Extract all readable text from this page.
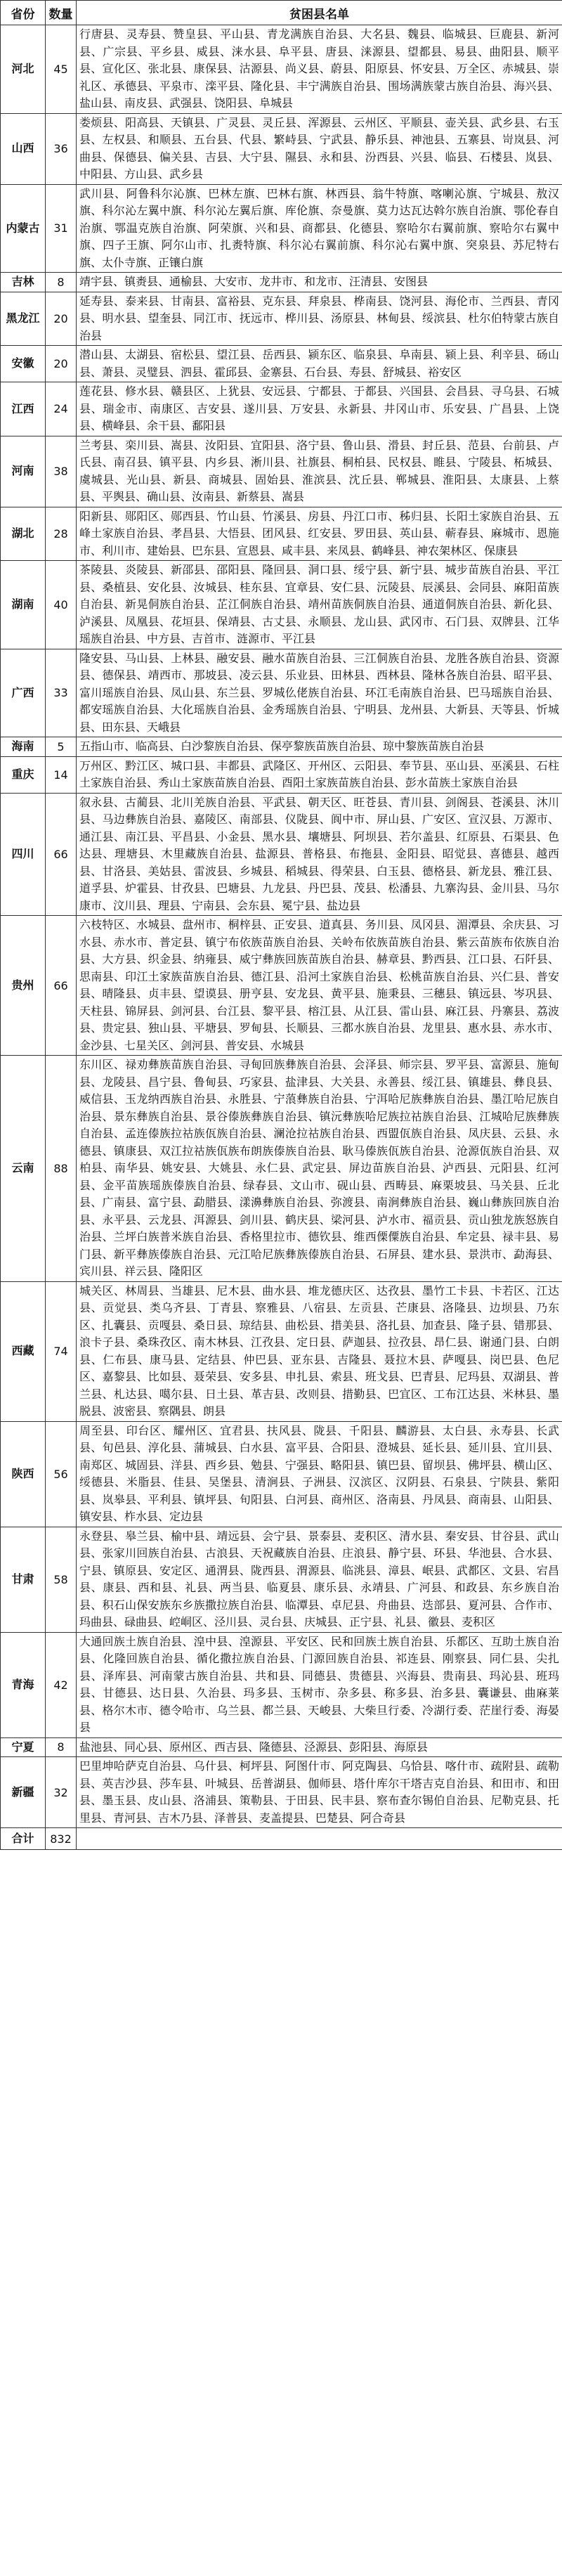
省份	数量	贫困县名单
河北	45	行唐县、灵寿县、赞皇县、平山县、青龙满族自治县、大名县、魏县、临城县、巨鹿县、新河县、广宗县、平乡县、威县、涞水县、阜平县、唐县、涞源县、望都县、易县、曲阳县、顺平县、宣化区、张北县、康保县、沽源县、尚义县、蔚县、阳原县、怀安县、万全区、赤城县、崇礼区、承德县、平泉市、滦平县、隆化县、丰宁满族自治县、围场满族蒙古族自治县、海兴县、盐山县、南皮县、武强县、饶阳县、阜城县
山西	36	娄烦县、阳高县、天镇县、广灵县、灵丘县、浑源县、云州区、平顺县、壶关县、武乡县、右玉县、左权县、和顺县、五台县、代县、繁峙县、宁武县、静乐县、神池县、五寨县、岢岚县、河曲县、保德县、偏关县、吉县、大宁县、隰县、永和县、汾西县、兴县、临县、石楼县、岚县、中阳县、方山县、武乡县
内蒙古	31	武川县、阿鲁科尔沁旗、巴林左旗、巴林右旗、林西县、翁牛特旗、喀喇沁旗、宁城县、敖汉旗、科尔沁左翼中旗、科尔沁左翼后旗、库伦旗、奈曼旗、莫力达瓦达斡尔族自治旗、鄂伦春自治旗、鄂温克族自治旗、阿荣旗、兴和县、商都县、化德县、察哈尔右翼前旗、察哈尔右翼中旗、四子王旗、阿尔山市、扎赉特旗、科尔沁右翼前旗、科尔沁右翼中旗、突泉县、苏尼特右旗、太仆寺旗、正镶白旗
吉林	8	靖宇县、镇赉县、通榆县、大安市、龙井市、和龙市、汪清县、安图县
黑龙江	20	延寿县、泰来县、甘南县、富裕县、克东县、拜泉县、桦南县、饶河县、海伦市、兰西县、青冈县、明水县、望奎县、同江市、抚远市、桦川县、汤原县、林甸县、绥滨县、杜尔伯特蒙古族自治县
安徽	20	潜山县、太湖县、宿松县、望江县、岳西县、颍东区、临泉县、阜南县、颍上县、利辛县、砀山县、萧县、灵璧县、泗县、霍邱县、金寨县、石台县、寿县、舒城县、裕安区
江西	24	莲花县、修水县、赣县区、上犹县、安远县、宁都县、于都县、兴国县、会昌县、寻乌县、石城县、瑞金市、南康区、吉安县、遂川县、万安县、永新县、井冈山市、乐安县、广昌县、上饶县、横峰县、余干县、鄱阳县
河南	38	兰考县、栾川县、嵩县、汝阳县、宜阳县、洛宁县、鲁山县、滑县、封丘县、范县、台前县、卢氏县、南召县、镇平县、内乡县、淅川县、社旗县、桐柏县、民权县、睢县、宁陵县、柘城县、虞城县、光山县、新县、商城县、固始县、淮滨县、沈丘县、郸城县、淮阳县、太康县、上蔡县、平舆县、确山县、汝南县、新蔡县、嵩县
湖北	28	阳新县、郧阳区、郧西县、竹山县、竹溪县、房县、丹江口市、秭归县、长阳土家族自治县、五峰土家族自治县、孝昌县、大悟县、团风县、红安县、罗田县、英山县、蕲春县、麻城市、恩施市、利川市、建始县、巴东县、宣恩县、咸丰县、来凤县、鹤峰县、神农架林区、保康县
湖南	40	茶陵县、炎陵县、新邵县、邵阳县、隆回县、洞口县、绥宁县、新宁县、城步苗族自治县、平江县、桑植县、安化县、汝城县、桂东县、宜章县、安仁县、沅陵县、辰溪县、会同县、麻阳苗族自治县、新晃侗族自治县、芷江侗族自治县、靖州苗族侗族自治县、通道侗族自治县、新化县、泸溪县、凤凰县、花垣县、保靖县、古丈县、永顺县、龙山县、武冈市、石门县、双牌县、江华瑶族自治县、中方县、吉首市、涟源市、平江县
广西	33	隆安县、马山县、上林县、融安县、融水苗族自治县、三江侗族自治县、龙胜各族自治县、资源县、德保县、靖西市、那坡县、凌云县、乐业县、田林县、西林县、隆林各族自治县、昭平县、富川瑶族自治县、凤山县、东兰县、罗城仫佬族自治县、环江毛南族自治县、巴马瑶族自治县、都安瑶族自治县、大化瑶族自治县、金秀瑶族自治县、宁明县、龙州县、大新县、天等县、忻城县、田东县、天峨县
海南	5	五指山市、临高县、白沙黎族自治县、保亭黎族苗族自治县、琼中黎族苗族自治县
重庆	14	万州区、黔江区、城口县、丰都县、武隆区、开州区、云阳县、奉节县、巫山县、巫溪县、石柱土家族自治县、秀山土家族苗族自治县、酉阳土家族苗族自治县、彭水苗族土家族自治县
四川	66	叙永县、古蔺县、北川羌族自治县、平武县、朝天区、旺苍县、青川县、剑阁县、苍溪县、沐川县、马边彝族自治县、嘉陵区、南部县、仪陇县、阆中市、屏山县、广安区、宣汉县、万源市、通江县、南江县、平昌县、小金县、黑水县、壤塘县、阿坝县、若尔盖县、红原县、石渠县、色达县、理塘县、木里藏族自治县、盐源县、普格县、布拖县、金阳县、昭觉县、喜德县、越西县、甘洛县、美姑县、雷波县、乡城县、稻城县、得荣县、白玉县、德格县、新龙县、雅江县、道孚县、炉霍县、甘孜县、巴塘县、九龙县、丹巴县、茂县、松潘县、九寨沟县、金川县、马尔康市、汶川县、理县、宁南县、会东县、冕宁县、盐边县
贵州	66	六枝特区、水城县、盘州市、桐梓县、正安县、道真县、务川县、凤冈县、湄潭县、余庆县、习水县、赤水市、普定县、镇宁布依族苗族自治县、关岭布依族苗族自治县、紫云苗族布依族自治县、大方县、织金县、纳雍县、威宁彝族回族苗族自治县、赫章县、黔西县、江口县、石阡县、思南县、印江土家族苗族自治县、德江县、沿河土家族自治县、松桃苗族自治县、兴仁县、普安县、晴隆县、贞丰县、望谟县、册亨县、安龙县、黄平县、施秉县、三穗县、镇远县、岑巩县、天柱县、锦屏县、剑河县、台江县、黎平县、榕江县、从江县、雷山县、麻江县、丹寨县、荔波县、贵定县、独山县、平塘县、罗甸县、长顺县、三都水族自治县、龙里县、惠水县、赤水市、金沙县、七星关区、剑河县、普安县、水城县
云南	88	东川区、禄劝彝族苗族自治县、寻甸回族彝族自治县、会泽县、师宗县、罗平县、富源县、施甸县、龙陵县、昌宁县、鲁甸县、巧家县、盐津县、大关县、永善县、绥江县、镇雄县、彝良县、威信县、玉龙纳西族自治县、永胜县、宁蒗彝族自治县、宁洱哈尼族彝族自治县、墨江哈尼族自治县、景东彝族自治县、景谷傣族彝族自治县、镇沅彝族哈尼族拉祜族自治县、江城哈尼族彝族自治县、孟连傣族拉祜族佤族自治县、澜沧拉祜族自治县、西盟佤族自治县、凤庆县、云县、永德县、镇康县、双江拉祜族佤族布朗族傣族自治县、耿马傣族佤族自治县、沧源佤族自治县、双柏县、南华县、姚安县、大姚县、永仁县、武定县、屏边苗族自治县、泸西县、元阳县、红河县、金平苗族瑶族傣族自治县、绿春县、文山市、砚山县、西畴县、麻栗坡县、马关县、丘北县、广南县、富宁县、勐腊县、漾濞彝族自治县、弥渡县、南涧彝族自治县、巍山彝族回族自治县、永平县、云龙县、洱源县、剑川县、鹤庆县、梁河县、泸水市、福贡县、贡山独龙族怒族自治县、兰坪白族普米族自治县、香格里拉市、德钦县、维西傈僳族自治县、牟定县、禄丰县、易门县、新平彝族傣族自治县、元江哈尼族彝族傣族自治县、石屏县、建水县、景洪市、勐海县、宾川县、祥云县、隆阳区
西藏	74	城关区、林周县、当雄县、尼木县、曲水县、堆龙德庆区、达孜县、墨竹工卡县、卡若区、江达县、贡觉县、类乌齐县、丁青县、察雅县、八宿县、左贡县、芒康县、洛隆县、边坝县、乃东区、扎囊县、贡嘎县、桑日县、琼结县、曲松县、措美县、洛扎县、加查县、隆子县、错那县、浪卡子县、桑珠孜区、南木林县、江孜县、定日县、萨迦县、拉孜县、昂仁县、谢通门县、白朗县、仁布县、康马县、定结县、仲巴县、亚东县、吉隆县、聂拉木县、萨嘎县、岗巴县、色尼区、嘉黎县、比如县、聂荣县、安多县、申扎县、索县、班戈县、巴青县、尼玛县、双湖县、普兰县、札达县、噶尔县、日土县、革吉县、改则县、措勤县、巴宜区、工布江达县、米林县、墨脱县、波密县、察隅县、朗县
陕西	56	周至县、印台区、耀州区、宜君县、扶风县、陇县、千阳县、麟游县、太白县、永寿县、长武县、旬邑县、淳化县、蒲城县、白水县、富平县、合阳县、澄城县、延长县、延川县、宜川县、南郑区、城固县、洋县、西乡县、勉县、宁强县、略阳县、镇巴县、留坝县、佛坪县、横山区、绥德县、米脂县、佳县、吴堡县、清涧县、子洲县、汉滨区、汉阴县、石泉县、宁陕县、紫阳县、岚皋县、平利县、镇坪县、旬阳县、白河县、商州区、洛南县、丹凤县、商南县、山阳县、镇安县、柞水县、定边县
甘肃	58	永登县、皋兰县、榆中县、靖远县、会宁县、景泰县、麦积区、清水县、秦安县、甘谷县、武山县、张家川回族自治县、古浪县、天祝藏族自治县、庄浪县、静宁县、环县、华池县、合水县、宁县、镇原县、安定区、通渭县、陇西县、渭源县、临洮县、漳县、岷县、武都区、文县、宕昌县、康县、西和县、礼县、两当县、临夏县、康乐县、永靖县、广河县、和政县、东乡族自治县、积石山保安族东乡族撒拉族自治县、临潭县、卓尼县、舟曲县、迭部县、夏河县、合作市、玛曲县、碌曲县、崆峒区、泾川县、灵台县、庆城县、正宁县、礼县、徽县、麦积区
青海	42	大通回族土族自治县、湟中县、湟源县、平安区、民和回族土族自治县、乐都区、互助土族自治县、化隆回族自治县、循化撒拉族自治县、门源回族自治县、祁连县、刚察县、同仁县、尖扎县、泽库县、河南蒙古族自治县、共和县、同德县、贵德县、兴海县、贵南县、玛沁县、班玛县、甘德县、达日县、久治县、玛多县、玉树市、杂多县、称多县、治多县、囊谦县、曲麻莱县、格尔木市、德令哈市、乌兰县、都兰县、天峻县、大柴旦行委、冷湖行委、茫崖行委、海晏县
宁夏	8	盐池县、同心县、原州区、西吉县、隆德县、泾源县、彭阳县、海原县
新疆	32	巴里坤哈萨克自治县、乌什县、柯坪县、阿图什市、阿克陶县、乌恰县、喀什市、疏附县、疏勒县、英吉沙县、莎车县、叶城县、岳普湖县、伽师县、塔什库尔干塔吉克自治县、和田市、和田县、墨玉县、皮山县、洛浦县、策勒县、于田县、民丰县、察布查尔锡伯自治县、尼勒克县、托里县、青河县、吉木乃县、泽普县、麦盖提县、巴楚县、阿合奇县
合计	832	
